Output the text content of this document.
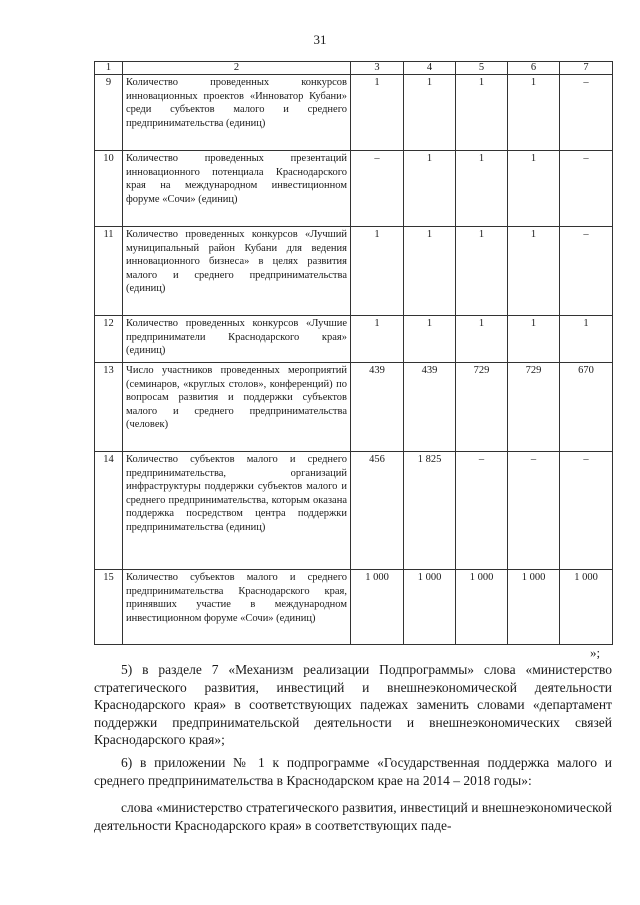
31
1	2	3	4	5	6	7
9	Количество проведенных конкурсов инновационных проектов «Инноватор Кубани» среди субъектов малого и среднего предпринимательства (единиц)	1	1	1	1	–
10	Количество проведенных презентаций инновационного потенциала Краснодарского края на международном инвестиционном форуме «Сочи» (единиц)	–	1	1	1	–
11	Количество проведенных конкурсов «Лучший муниципальный район Кубани для ведения инновационного бизнеса» в целях развития малого и среднего предпринимательства (единиц)	1	1	1	1	–
12	Количество проведенных конкурсов «Лучшие предприниматели Краснодарского края» (единиц)	1	1	1	1	1
13	Число участников проведенных мероприятий (семинаров, «круглых столов», конференций) по вопросам развития и поддержки субъектов малого и среднего предпринимательства (человек)	439	439	729	729	670
14	Количество субъектов малого и среднего предпринимательства, организаций инфраструктуры поддержки субъектов малого и среднего предпринимательства, которым оказана поддержка посредством центра поддержки предпринимательства (единиц)	456	1 825	–	–	–
15	Количество субъектов малого и среднего предпринимательства Краснодарского края, принявших участие в международном инвестиционном форуме «Сочи» (единиц)	1 000	1 000	1 000	1 000	1 000
»;

5) в разделе 7 «Механизм реализации Подпрограммы» слова «министерство стратегического развития, инвестиций и внешнеэкономической деятельности Краснодарского края» в соответствующих падежах заменить словами «департамент поддержки предпринимательской деятельности и внешнеэкономических связей Краснодарского края»;

6) в приложении № 1 к подпрограмме «Государственная поддержка малого и среднего предпринимательства в Краснодарском крае на 2014 – 2018 годы»:

слова «министерство стратегического развития, инвестиций и внешнеэкономической деятельности Краснодарского края» в соответствующих паде-
